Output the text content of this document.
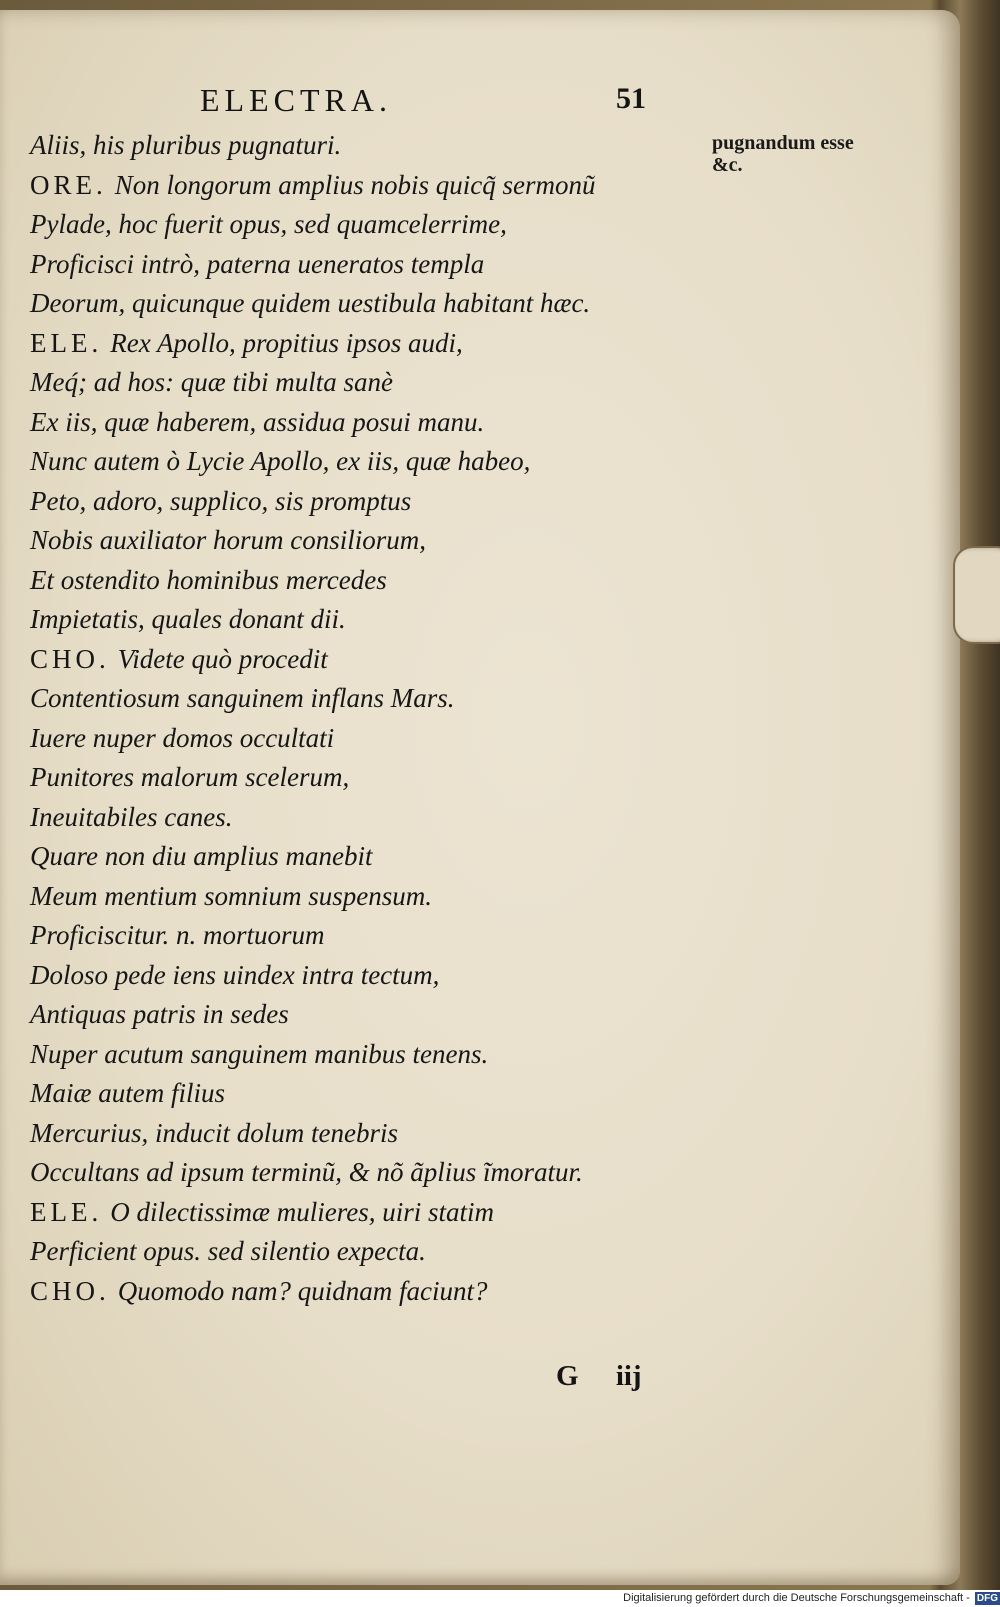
ELECTRA.	51
pugnandum esse
&c.
Aliis, his pluribus pugnaturi.
ORE. Non longorum amplius nobis quicq̃ sermonũ
Pylade, hoc fuerit opus, sed quamcelerrime,
Proficisci intrò, paterna ueneratos templa
Deorum, quicunque quidem uestibula habitant hæc.
ELE. Rex Apollo, propitius ipsos audi,
Meq́; ad hos: quæ tibi multa sanè
Ex iis, quæ haberem, assidua posui manu.
Nunc autem ò Lycie Apollo, ex iis, quæ habeo,
Peto, adoro, supplico, sis promptus
Nobis auxiliator horum consiliorum,
Et ostendito hominibus mercedes
Impietatis, quales donant dii.
CHO. Videte quò procedit
Contentiosum sanguinem inflans Mars.
Iuere nuper domos occultati
Punitores malorum scelerum,
Ineuitabiles canes.
Quare non diu amplius manebit
Meum mentium somnium suspensum.
Proficiscitur. n. mortuorum
Doloso pede iens uindex intra tectum,
Antiquas patris in sedes
Nuper acutum sanguinem manibus tenens.
Maiæ autem filius
Mercurius, inducit dolum tenebris
Occultans ad ipsum terminũ, & nõ ãplius ĩmoratur.
ELE. O dilectissimæ mulieres, uiri statim
Perficient opus. sed silentio expecta.
CHO. Quomodo nam? quidnam faciunt?
G iij
Digitalisierung gefördert durch die Deutsche Forschungsgemeinschaft - DFG
